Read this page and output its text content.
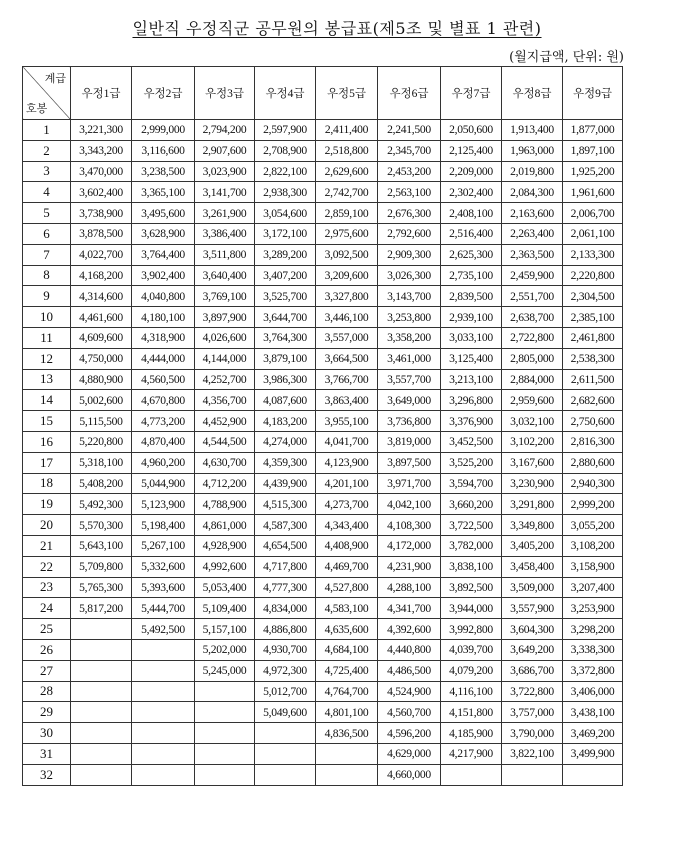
일반직 우정직군 공무원의 봉급표(제5조 및 별표 1 관련)
(월지급액, 단위: 원)
계급
호봉	우정1급	우정2급	우정3급	우정4급	우정5급	우정6급	우정7급	우정8급	우정9급
1	3,221,300	2,999,000	2,794,200	2,597,900	2,411,400	2,241,500	2,050,600	1,913,400	1,877,000
2	3,343,200	3,116,600	2,907,600	2,708,900	2,518,800	2,345,700	2,125,400	1,963,000	1,897,100
3	3,470,000	3,238,500	3,023,900	2,822,100	2,629,600	2,453,200	2,209,000	2,019,800	1,925,200
4	3,602,400	3,365,100	3,141,700	2,938,300	2,742,700	2,563,100	2,302,400	2,084,300	1,961,600
5	3,738,900	3,495,600	3,261,900	3,054,600	2,859,100	2,676,300	2,408,100	2,163,600	2,006,700
6	3,878,500	3,628,900	3,386,400	3,172,100	2,975,600	2,792,600	2,516,400	2,263,400	2,061,100
7	4,022,700	3,764,400	3,511,800	3,289,200	3,092,500	2,909,300	2,625,300	2,363,500	2,133,300
8	4,168,200	3,902,400	3,640,400	3,407,200	3,209,600	3,026,300	2,735,100	2,459,900	2,220,800
9	4,314,600	4,040,800	3,769,100	3,525,700	3,327,800	3,143,700	2,839,500	2,551,700	2,304,500
10	4,461,600	4,180,100	3,897,900	3,644,700	3,446,100	3,253,800	2,939,100	2,638,700	2,385,100
11	4,609,600	4,318,900	4,026,600	3,764,300	3,557,000	3,358,200	3,033,100	2,722,800	2,461,800
12	4,750,000	4,444,000	4,144,000	3,879,100	3,664,500	3,461,000	3,125,400	2,805,000	2,538,300
13	4,880,900	4,560,500	4,252,700	3,986,300	3,766,700	3,557,700	3,213,100	2,884,000	2,611,500
14	5,002,600	4,670,800	4,356,700	4,087,600	3,863,400	3,649,000	3,296,800	2,959,600	2,682,600
15	5,115,500	4,773,200	4,452,900	4,183,200	3,955,100	3,736,800	3,376,900	3,032,100	2,750,600
16	5,220,800	4,870,400	4,544,500	4,274,000	4,041,700	3,819,000	3,452,500	3,102,200	2,816,300
17	5,318,100	4,960,200	4,630,700	4,359,300	4,123,900	3,897,500	3,525,200	3,167,600	2,880,600
18	5,408,200	5,044,900	4,712,200	4,439,900	4,201,100	3,971,700	3,594,700	3,230,900	2,940,300
19	5,492,300	5,123,900	4,788,900	4,515,300	4,273,700	4,042,100	3,660,200	3,291,800	2,999,200
20	5,570,300	5,198,400	4,861,000	4,587,300	4,343,400	4,108,300	3,722,500	3,349,800	3,055,200
21	5,643,100	5,267,100	4,928,900	4,654,500	4,408,900	4,172,000	3,782,000	3,405,200	3,108,200
22	5,709,800	5,332,600	4,992,600	4,717,800	4,469,700	4,231,900	3,838,100	3,458,400	3,158,900
23	5,765,300	5,393,600	5,053,400	4,777,300	4,527,800	4,288,100	3,892,500	3,509,000	3,207,400
24	5,817,200	5,444,700	5,109,400	4,834,000	4,583,100	4,341,700	3,944,000	3,557,900	3,253,900
25		5,492,500	5,157,100	4,886,800	4,635,600	4,392,600	3,992,800	3,604,300	3,298,200
26			5,202,000	4,930,700	4,684,100	4,440,800	4,039,700	3,649,200	3,338,300
27			5,245,000	4,972,300	4,725,400	4,486,500	4,079,200	3,686,700	3,372,800
28				5,012,700	4,764,700	4,524,900	4,116,100	3,722,800	3,406,000
29				5,049,600	4,801,100	4,560,700	4,151,800	3,757,000	3,438,100
30					4,836,500	4,596,200	4,185,900	3,790,000	3,469,200
31						4,629,000	4,217,900	3,822,100	3,499,900
32						4,660,000			
